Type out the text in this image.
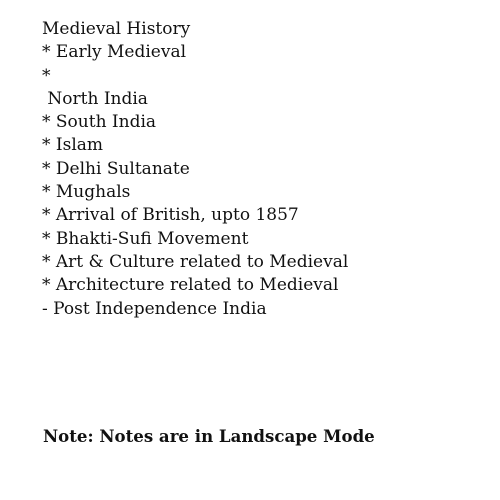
Medieval History
* Early Medieval
*
North India
* South India
* Islam
* Delhi Sultanate
* Mughals
* Arrival of British, upto 1857
* Bhakti-Sufi Movement
* Art & Culture related to Medieval
* Architecture related to Medieval
- Post Independence India
Note: Notes are in Landscape Mode
